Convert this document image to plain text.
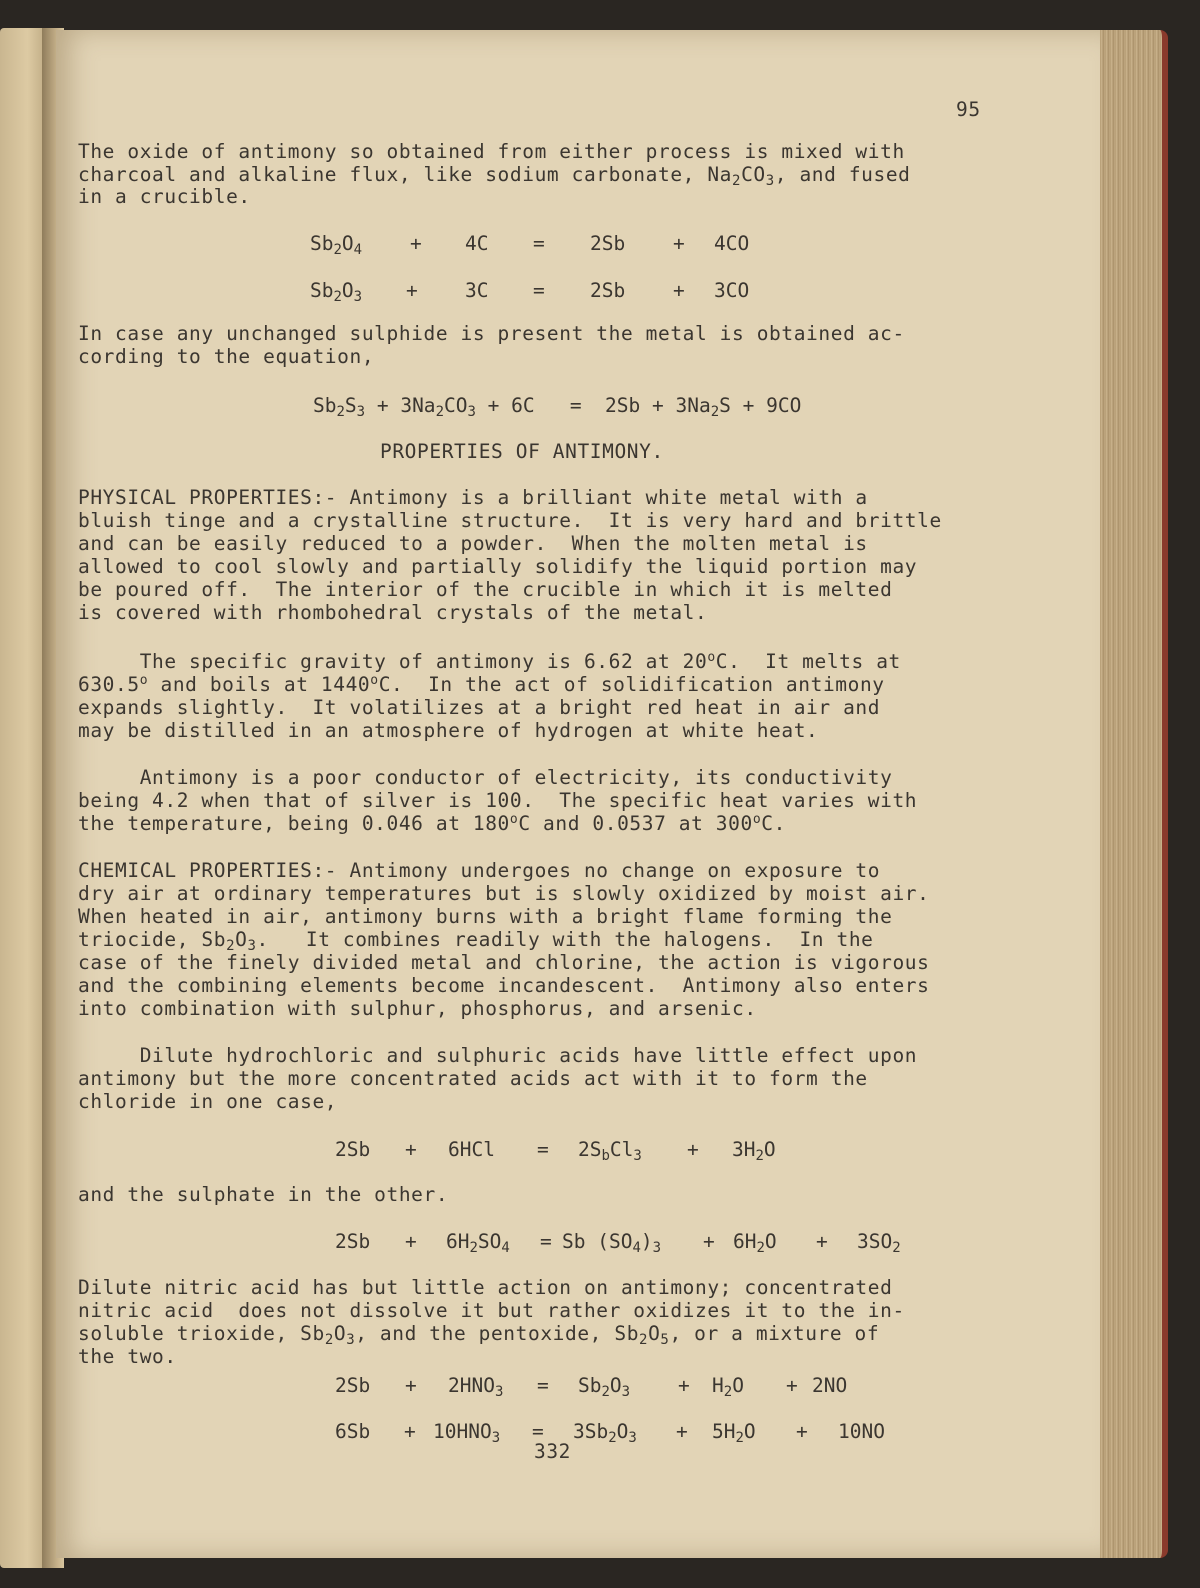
95
The oxide of antimony so obtained from either process is mixed with
charcoal and alkaline flux, like sodium carbonate, $Na_2CO_3$, and fused
in a crucible.
$Sb_2O_4 + 4C = 2Sb + 4CO$
$Sb_2O_3 + 3C = 2Sb + 3CO$
In case any unchanged sulphide is present the metal is obtained ac-
cording to the equation,
$Sb_2S_3 + 3Na_2CO_3 + 6C = 2Sb + 3Na_2S + 9CO$
PROPERTIES OF ANTIMONY.
PHYSICAL PROPERTIES:- Antimony is a brilliant white metal with a
bluish tinge and a crystalline structure.  It is very hard and brittle
and can be easily reduced to a powder.  When the molten metal is
allowed to cool slowly and partially solidify the liquid portion may
be poured off.  The interior of the crucible in which it is melted
is covered with rhombohedral crystals of the metal.
The specific gravity of antimony is 6.62 at 20$^o$C.  It melts at
630.5$^o$ and boils at 1440$^o$C.  In the act of solidification antimony
expands slightly.  It volatilizes at a bright red heat in air and
may be distilled in an atmosphere of hydrogen at white heat.
Antimony is a poor conductor of electricity, its conductivity
being 4.2 when that of silver is 100.  The specific heat varies with
the temperature, being 0.046 at 180$^o$C and 0.0537 at 300$^o$C.
CHEMICAL PROPERTIES:- Antimony undergoes no change on exposure to
dry air at ordinary temperatures but is slowly oxidized by moist air.
When heated in air, antimony burns with a bright flame forming the
triocide, $Sb_2O_3$.   It combines readily with the halogens.  In the
case of the finely divided metal and chlorine, the action is vigorous
and the combining elements become incandescent.  Antimony also enters
into combination with sulphur, phosphorus, and arsenic.
Dilute hydrochloric and sulphuric acids have little effect upon
antimony but the more concentrated acids act with it to form the
chloride in one case,
$2Sb + 6HCl = 2S_bCl_3 + 3H_2O$
and the sulphate in the other.
$2Sb + 6H_2SO_4 = Sb$ $(SO_4)_3 + 6H_2O + 3SO_2$
Dilute nitric acid has but little action on antimony; concentrated
nitric acid  does not dissolve it but rather oxidizes it to the in-
soluble trioxide, $Sb_2O_3$, and the pentoxide, $Sb_2O_5$, or a mixture of
the two.
$2Sb + 2HNO_3 = Sb_2O_3 + H_2O + 2NO$
$6Sb + 10HNO_3 = 3Sb_2O_3 + 5H_2O + 10NO$
332
